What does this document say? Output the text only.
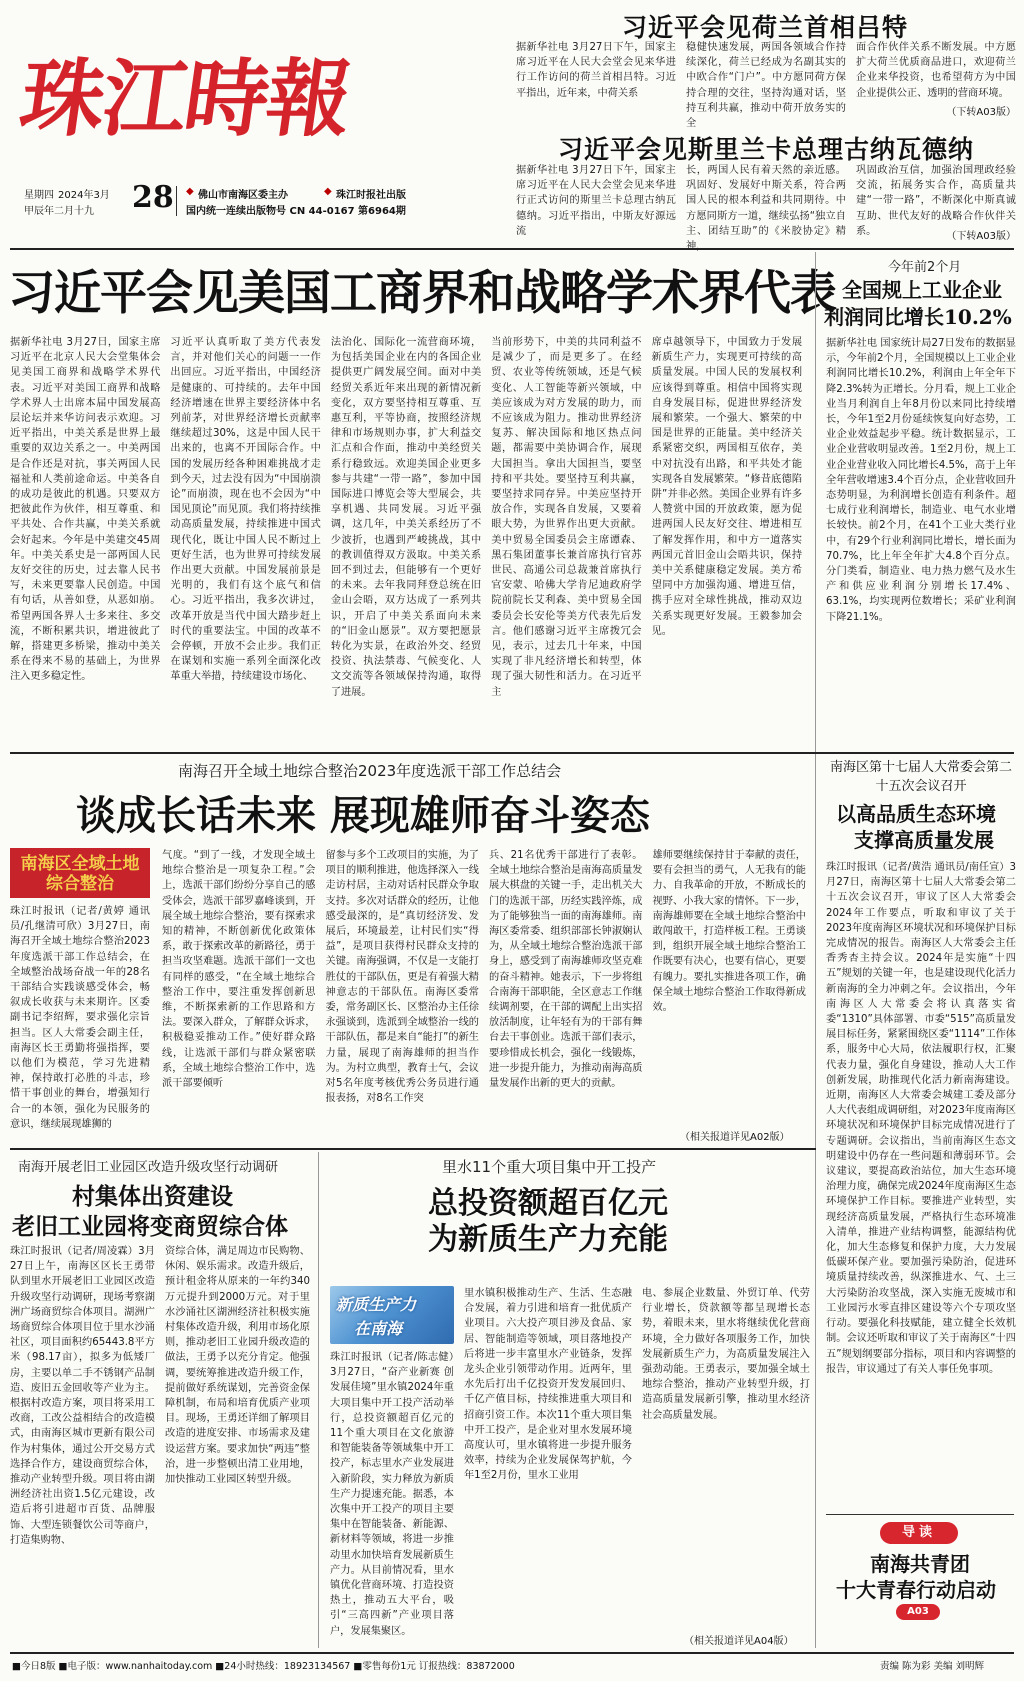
珠江時報
星期四 2024年3月
甲辰年二月十九 28 ◆ 佛山市南海区委主办	◆ 珠江时报社出版
国内统一连续出版物号 CN 44-0167 第6964期
习近平会见荷兰首相吕特
据新华社电 3月27日下午，国家主席习近平在人民大会堂会见来华进行工作访问的荷兰首相吕特。习近平指出，近年来，中荷关系
稳健快速发展，两国各领域合作持续深化，荷兰已经成为名副其实的中欧合作“门户”。中方愿同荷方保持合理的交往，坚持沟通对话，坚持互利共赢，推动中荷开放务实的全
面合作伙伴关系不断发展。中方愿扩大荷兰优质商品进口，欢迎荷兰企业来华投资，也希望荷方为中国企业提供公正、透明的营商环境。
（下转A03版）
习近平会见斯里兰卡总理古纳瓦德纳
据新华社电 3月27日下午，国家主席习近平在人民大会堂会见来华进行正式访问的斯里兰卡总理古纳瓦德纳。习近平指出，中斯友好源远流
长，两国人民有着天然的亲近感。巩固好、发展好中斯关系，符合两国人民的根本利益和共同期待。中方愿同斯方一道，继续弘扬“独立自主、团结互助”的《米胶协定》精神，
巩固政治互信，加强治国理政经验交流，拓展务实合作，高质量共建“一带一路”，不断深化中斯真诚互助、世代友好的战略合作伙伴关系。	（下转A03版）
习近平会见美国工商界和战略学术界代表
据新华社电 3月27日，国家主席习近平在北京人民大会堂集体会见美国工商界和战略学术界代表。习近平对美国工商界和战略学术界人士出席本届中国发展高层论坛并来华访问表示欢迎。习近平指出，中美关系是世界上最重要的双边关系之一。中美两国是合作还是对抗，事关两国人民福祉和人类前途命运。中美各自的成功是彼此的机遇。只要双方把彼此作为伙伴，相互尊重、和平共处、合作共赢，中美关系就会好起来。今年是中美建交45周年。中美关系史是一部两国人民友好交往的历史，过去靠人民书写，未来更要靠人民创造。中国有句话，从善如登，从恶如崩。希望两国各界人士多来往、多交流，不断积累共识，增进彼此了解，搭建更多桥梁，推动中美关系在得来不易的基础上，为世界注入更多稳定性。
习近平认真听取了美方代表发言，并对他们关心的问题一一作出回应。习近平指出，中国经济是健康的、可持续的。去年中国经济增速在世界主要经济体中名列前茅，对世界经济增长贡献率继续超过30%，这是中国人民干出来的，也离不开国际合作。中国的发展历经各种困难挑战才走到今天，过去没有因为“中国崩溃论”而崩溃，现在也不会因为“中国见顶论”而见顶。我们将持续推动高质量发展，持续推进中国式现代化，既让中国人民不断过上更好生活，也为世界可持续发展作出更大贡献。中国发展前景是光明的，我们有这个底气和信心。习近平指出，我多次讲过，改革开放是当代中国大踏步赶上时代的重要法宝。中国的改革不会停顿，开放不会止步。我们正在谋划和实施一系列全面深化改革重大举措，持续建设市场化、
法治化、国际化一流营商环境，为包括美国企业在内的各国企业提供更广阔发展空间。面对中美经贸关系近年来出现的新情况新变化，双方要坚持相互尊重、互惠互利，平等协商，按照经济规律和市场规则办事，扩大利益交汇点和合作面，推动中美经贸关系行稳致远。欢迎美国企业更多参与共建“一带一路”，参加中国国际进口博览会等大型展会，共享机遇、共同发展。习近平强调，这几年，中美关系经历了不少波折，也遇到严峻挑战，其中的教训值得双方汲取。中美关系回不到过去，但能够有一个更好的未来。去年我同拜登总统在旧金山会晤，双方达成了一系列共识，开启了中美关系面向未来的“旧金山愿景”。双方要把愿景转化为实景，在政治外交、经贸投资、执法禁毒、气候变化、人文交流等各领域保持沟通，取得了进展。
当前形势下，中美的共同利益不是减少了，而是更多了。在经贸、农业等传统领域，还是气候变化、人工智能等新兴领域，中美应该成为对方发展的助力，而不应该成为阻力。推动世界经济复苏、解决国际和地区热点问题，都需要中美协调合作，展现大国担当。拿出大国担当，要坚持和平共处。要坚持互利共赢，要坚持求同存异。中美应坚持开放合作，实现各自发展，又要着眼大势，为世界作出更大贡献。美中贸易全国委员会主席谭森、黑石集团董事长兼首席执行官苏世民、高通公司总裁兼首席执行官安蒙、哈佛大学肯尼迪政府学院前院长艾利森、美中贸易全国委员会长安伦等美方代表先后发言。他们感谢习近平主席拨冗会见，表示，过去几十年来，中国实现了非凡经济增长和转型，体现了强大韧性和活力。在习近平主
席卓越领导下，中国致力于发展新质生产力，实现更可持续的高质量发展。中国人民的发展权利应该得到尊重。相信中国将实现自身发展目标，促进世界经济发展和繁荣。一个强大、繁荣的中国是世界的正能量。美中经济关系紧密交织，两国相互依存，美中对抗没有出路，和平共处才能实现各自发展繁荣。“修昔底德陷阱”并非必然。美国企业界有许多人赞赏中国的开放政策，愿为促进两国人民友好交往、增进相互了解发挥作用，和中方一道落实两国元首旧金山会晤共识，保持美中关系健康稳定发展。美方希望同中方加强沟通、增进互信，携手应对全球性挑战，推动双边关系实现更好发展。王毅参加会见。
今年前2个月
全国规上工业企业
利润同比增长10.2%
据新华社电 国家统计局27日发布的数据显示，今年前2个月，全国规模以上工业企业利润同比增长10.2%，利润由上年全年下降2.3%转为正增长。分月看，规上工业企业当月利润自上年8月份以来同比持续增长，今年1至2月份延续恢复向好态势，工业企业效益起步平稳。统计数据显示，工业企业营收明显改善。1至2月份，规上工业企业营业收入同比增长4.5%，高于上年全年营收增速3.4个百分点，企业营收回升态势明显，为利润增长创造有利条件。超七成行业利润增长，制造业、电气水业增长较快。前2个月，在41个工业大类行业中，有29个行业利润同比增长，增长面为70.7%，比上年全年扩大4.8个百分点。分门类看，制造业、电力热力燃气及水生产和供应业利润分别增长17.4%、63.1%，均实现两位数增长；采矿业利润下降21.1%。
南海区第十七届人大常委会第二十五次会议召开
以高品质生态环境
支撑高质量发展
珠江时报讯（记者/黄浩 通讯员/南任宣）3月27日，南海区第十七届人大常委会第二十五次会议召开，审议了区人大常委会2024年工作要点，听取和审议了关于2023年度南海区环境状况和环境保护目标完成情况的报告。南海区人大常委会主任香秀杏主持会议。2024年是实施“十四五”规划的关键一年，也是建设现代化活力新南海的全力冲刺之年。会议指出，今年南海区人大常委会将认真落实省委“1310”具体部署、市委“515”高质量发展目标任务，紧紧围绕区委“1114”工作体系，服务中心大局，依法履职行权，汇聚代表力量，强化自身建设，推动人大工作创新发展，助推现代化活力新南海建设。近期，南海区人大常委会城建工委及部分人大代表组成调研组，对2023年度南海区环境状况和环境保护目标完成情况进行了专题调研。会议指出，当前南海区生态文明建设中仍存在一些问题和薄弱环节。会议建议，要提高政治站位，加大生态环境治理力度，确保完成2024年度南海区生态环境保护工作目标。要推进产业转型，实现经济高质量发展，严格执行生态环境准入清单，推进产业结构调整，能源结构优化，加大生态修复和保护力度，大力发展低碳环保产业。要加强污染防治，促进环境质量持续改善，纵深推进水、气、土三大污染防治攻坚战，深入实施无废城市和工业园污水零直排区建设等六个专项攻坚行动。要强化科技赋能，建立健全长效机制。会议还听取和审议了关于南海区“十四五”规划纲要部分指标，项目和内容调整的报告，审议通过了有关人事任免事项。
导读
南海共青团
十大青春行动启动
A03
南海召开全域土地综合整治2023年度选派干部工作总结会
谈成长话未来 展现雄师奋斗姿态
南海区全域土地
综合整治
珠江时报讯（记者/黄婷 通讯员/孔继清可欣）3月27日，南海召开全域土地综合整治2023年度选派干部工作总结会，在全域整治战场奋战一年的28名干部结合实践谈感受体会，畅叙成长收获与未来期许。区委副书记李绍辉，要求强化宗旨担当。区人大常委会副主任，南海区长王勇勤将强指挥，要以他们为模范，学习先进精神，保持敢打必胜的斗志，珍惜干事创业的舞台，增强知行合一的本领，强化为民服务的意识，继续展现雄狮的
气度。“到了一线，才发现全域土地综合整治是一项复杂工程。”会上，选派干部们纷纷分享自己的感受体会，选派干部罗嘉峰谈到，开展全域土地综合整治，要有探索求知的精神，不断创新优化政策体系，敢于探索改革的新路径，勇于担当攻坚难题。选派干部们一文也有同样的感受，“在全域土地综合整治工作中，要注重发挥创新思维，不断探索新的工作思路和方法。要深入群众，了解群众诉求，积极稳妥推动工作。”使好群众路线，让选派干部们与群众紧密联系，全域土地综合整治工作中，选派干部要倾听
留参与多个工改项目的实施，为了项目的顺利推进，他选择深入一线走访村居，主动对话村民群众争取支持。多次对话群众的经历，让他感受最深的，是“真切经济发、发展后，环境最差，让村民们实“得益”，是项目获得村民群众支持的关键。南海强调，不仅是一支能打胜仗的干部队伍，更是有着强大精神意志的干部队伍。南海区委常委，常务副区长、区整治办主任徐永强谈到，选派到全域整治一线的干部队伍，都是来自“能打”的新生力量，展现了南海雄师的担当作为。为村立典型，教育士气，会议对5名年度考核优秀公务员进行通报表扬，对8名工作突
兵、21名优秀干部进行了表彰。全域土地综合整治是南海高质量发展大棋盘的关键一手，走出机关大门的选派干部，历经实践淬炼，成为了能够独当一面的南海雄师。南海区委常委、组织部部长钟淑娴认为，从全域土地综合整治选派干部身上，感受到了南海雄师攻坚克难的奋斗精神。她表示，下一步将组合南海干部职能，全区意志工作继续调剂要，在干部的调配上出实招放活制度，让年轻有为的干部有舞台去干事创业。选派干部们表示，要珍惜成长机会，强化一线锻炼，进一步提升能力，为推动南海高质量发展作出新的更大的贡献。
雄师要继续保持甘于奉献的责任，要有会担当的勇气，人无我有的能力、自我革命的开放，不断成长的视野、小我大家的情怀。下一步，南海雄师要在全域土地综合整治中敢闯敢干，打造样板工程。王勇谈到，组织开展全域土地综合整治工作既要有决心，也要有信心，更要有魄力。要扎实推进各项工作，确保全域土地综合整治工作取得新成效。
（相关报道详见A02版）
南海开展老旧工业园区改造升级攻坚行动调研
村集体出资建设
老旧工业园将变商贸综合体
珠江时报讯（记者/周凌霖）3月27日上午，南海区区长王勇带队到里水开展老旧工业园区改造升级攻坚行动调研，现场考察湖洲广场商贸综合体项目。湖洲广场商贸综合体项目位于里水沙涌社区，项目面积约65443.8平方米（98.17亩），拟多为低矮厂房，主要以单二手不锈钢产品制造、废旧五金回收等产业为主。根据村改造方案，项目将采用工改商，工改公益相结合的改造模式，由南海区城市更新有限公司作为村集体，通过公开交易方式选择合作方，建设商贸综合体，推动产业转型升级。项目将由湖洲经济社出资1.5亿元建设，改造后将引进超市百货、品牌服饰、大型连锁餐饮公司等商户，打造集购物、
资综合体，满足周边市民购物、休闲、娱乐需求。改造升级后，预计租金将从原来的一年约340万元提升到2000万元。对于里水沙涌社区湖洲经济社积极实施村集体改造升级，利用市场化原则，推动老旧工业园升级改造的做法，王勇予以充分肯定。他强调，要统筹推进改造升级工作，提前做好系统谋划，完善资金保障机制，布局和培育优质产业项目。现场，王勇还详细了解项目改造的进度安排、市场需求及建设运营方案。要求加快“两违”整治，进一步整顿出清工业用地，加快推动工业园区转型升级。
里水11个重大项目集中开工投产
总投资额超百亿元
为新质生产力充能
新质生产力
在南海
珠江时报讯（记者/陈志健）3月27日，“奋产业新赛 创发展佳境”里水镇2024年重大项目集中开工投产活动举行，总投资额超百亿元的11个重大项目在文化旅游和智能装备等领域集中开工投产，标志里水产业发展进入新阶段，实力释放为新质生产力提速充能。据悉，本次集中开工投产的项目主要集中在智能装备、新能源、新材料等领域，将进一步推动里水加快培育发展新质生产力。从目前情况看，里水镇优化营商环境、打造投资热土，推动五大平台，吸引“三高四新”产业项目落户，发展集聚区。
里水镇积极推动生产、生活、生态融合发展，着力引进和培育一批优质产业项目。六大投产项目涉及食品、家居、智能制造等领域，项目落地投产后将进一步丰富里水产业链条，发挥龙头企业引领带动作用。近两年，里水先后打出千亿投资开发发展回归、千亿产值目标，持续推进重大项目和招商引资工作。本次11个重大项目集中开工投产，是企业对里水发展环境高度认可，里水镇将进一步提升服务效率，持续为企业发展保驾护航，今年1至2月份，里水工业用
电、参展企业数量、外贸订单、代劳行业增长，贷款额等都呈现增长态势，着眼未来，里水将继续优化营商环境，全力做好各项服务工作，加快发展新质生产力，为高质量发展注入强劲动能。王勇表示，要加强全域土地综合整治，推动产业转型升级，打造高质量发展新引擎，推动里水经济社会高质量发展。
（相关报道详见A04版）
■今日8版 ■电子版：www.nanhaitoday.com ■24小时热线：18923134567 ■零售每份1元 订报热线：83872000	责编 陈为彩 美编 刘明辉
